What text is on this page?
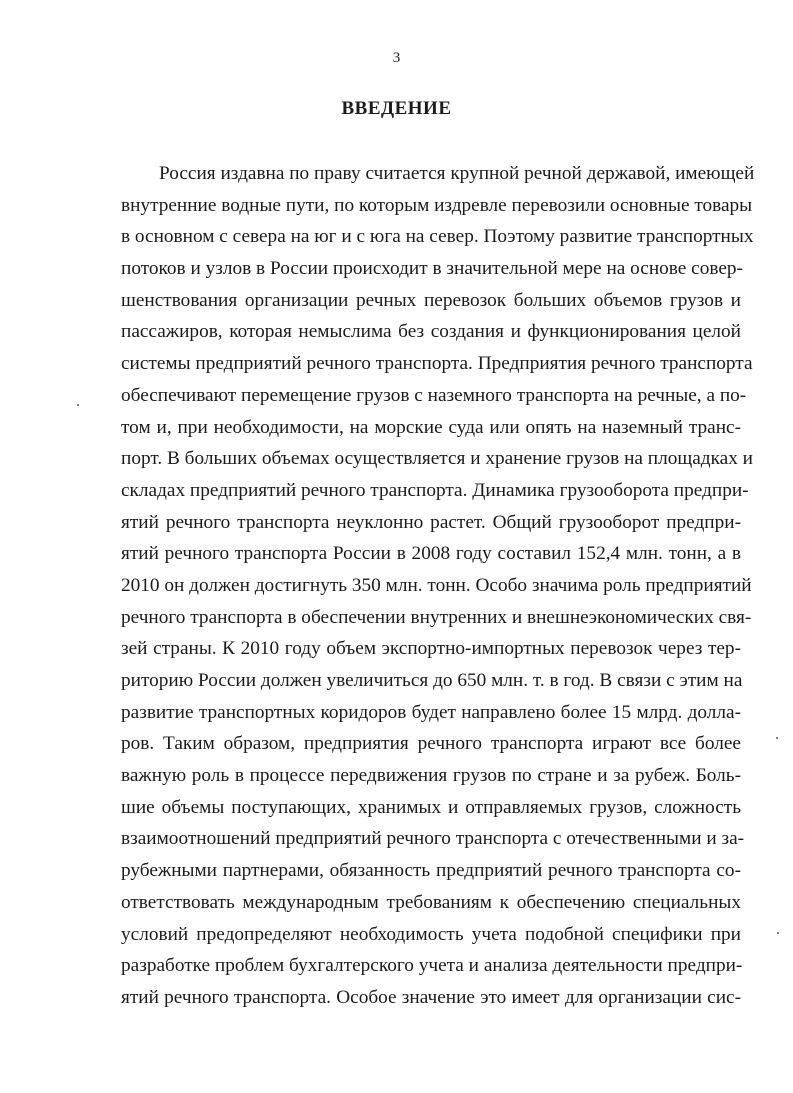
3
ВВЕДЕНИЕ
Россия издавна по праву считается крупной речной державой, имеющей
внутренние водные пути, по которым издревле перевозили основные товары
в основном с севера на юг и с юга на север. Поэтому развитие транспортных
потоков и узлов в России происходит в значительной мере на основе совер-
шенствования организации речных перевозок больших объемов грузов и
пассажиров, которая немыслима без создания и функционирования целой
системы предприятий речного транспорта. Предприятия речного транспорта
обеспечивают перемещение грузов с наземного транспорта на речные, а по-
том и, при необходимости, на морские суда или опять на наземный транс-
порт. В больших объемах осуществляется и хранение грузов на площадках и
складах предприятий речного транспорта. Динамика грузооборота предпри-
ятий речного транспорта неуклонно растет. Общий грузооборот предпри-
ятий речного транспорта России в 2008 году составил 152,4 млн. тонн, а в
2010 он должен достигнуть 350 млн. тонн. Особо значима роль предприятий
речного транспорта в обеспечении внутренних и внешнеэкономических свя-
зей страны. К 2010 году объем экспортно-импортных перевозок через тер-
риторию России должен увеличиться до 650 млн. т. в год. В связи с этим на
развитие транспортных коридоров будет направлено более 15 млрд. долла-
ров. Таким образом, предприятия речного транспорта играют все более
важную роль в процессе передвижения грузов по стране и за рубеж. Боль-
шие объемы поступающих, хранимых и отправляемых грузов, сложность
взаимоотношений предприятий речного транспорта с отечественными и за-
рубежными партнерами, обязанность предприятий речного транспорта со-
ответствовать международным требованиям к обеспечению специальных
условий предопределяют необходимость учета подобной специфики при
разработке проблем бухгалтерского учета и анализа деятельности предпри-
ятий речного транспорта. Особое значение это имеет для организации сис-
